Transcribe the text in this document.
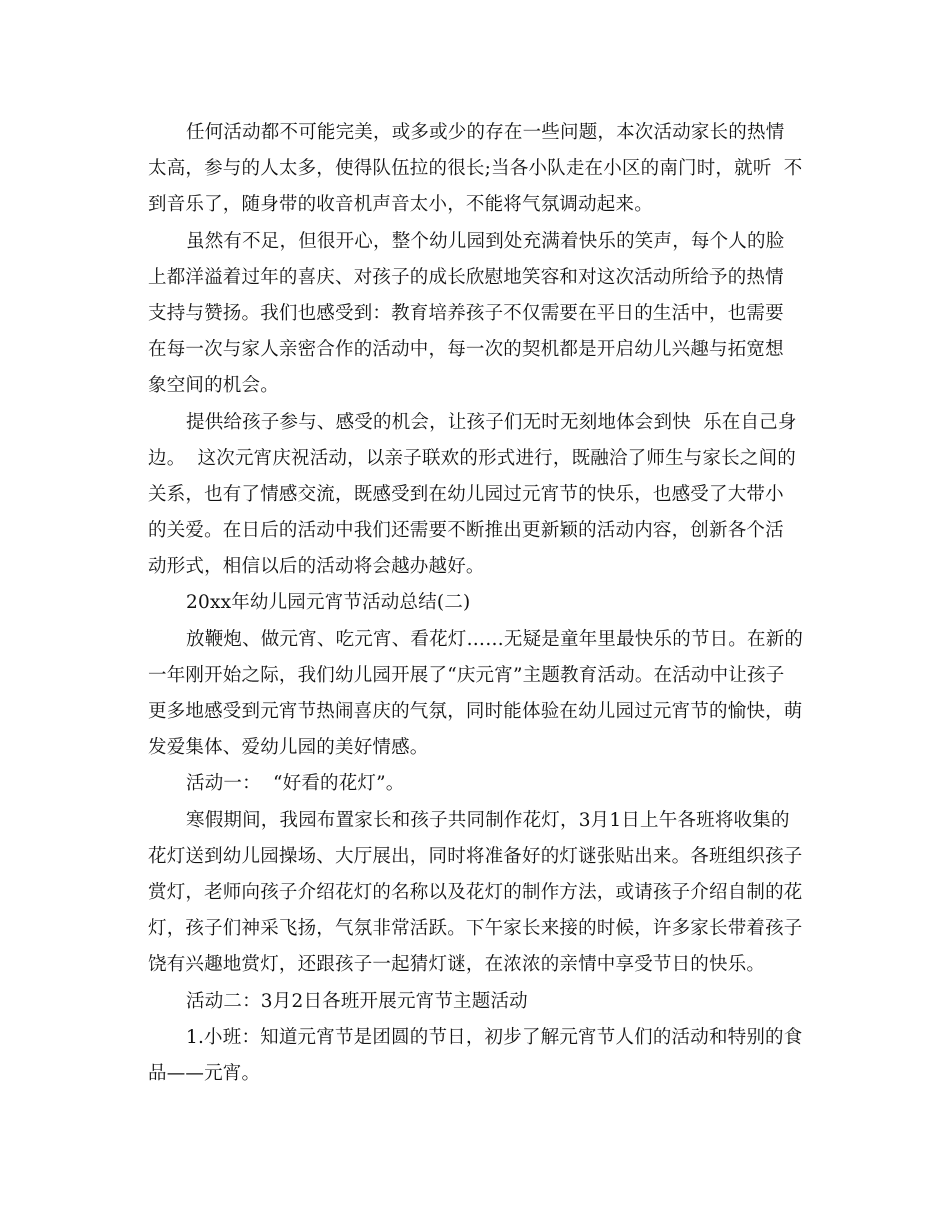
任何活动都不可能完美，或多或少的存在一些问题，本次活动家长的热情
太高，参与的人太多，使得队伍拉的很长;当各小队走在小区的南门时，就听  不
到音乐了，随身带的收音机声音太小，不能将气氛调动起来。
虽然有不足，但很开心，整个幼儿园到处充满着快乐的笑声，每个人的脸
上都洋溢着过年的喜庆、对孩子的成长欣慰地笑容和对这次活动所给予的热情
支持与赞扬。我们也感受到：教育培养孩子不仅需要在平日的生活中，也需要
在每一次与家人亲密合作的活动中，每一次的契机都是开启幼儿兴趣与拓宽想
象空间的机会。
提供给孩子参与、感受的机会，让孩子们无时无刻地体会到快  乐在自己身
边。  这次元宵庆祝活动，以亲子联欢的形式进行，既融洽了师生与家长之间的
关系，也有了情感交流，既感受到在幼儿园过元宵节的快乐，也感受了大带小
的关爱。在日后的活动中我们还需要不断推出更新颖的活动内容，创新各个活
动形式，相信以后的活动将会越办越好。
20xx年幼儿园元宵节活动总结(二)
放鞭炮、做元宵、吃元宵、看花灯……无疑是童年里最快乐的节日。在新的
一年刚开始之际，我们幼儿园开展了“庆元宵”主题教育活动。在活动中让孩子
更多地感受到元宵节热闹喜庆的气氛，同时能体验在幼儿园过元宵节的愉快，萌
发爱集体、爱幼儿园的美好情感。
活动一：  “好看的花灯”。
寒假期间，我园布置家长和孩子共同制作花灯，3月1日上午各班将收集的
花灯送到幼儿园操场、大厅展出，同时将准备好的灯谜张贴出来。各班组织孩子
赏灯，老师向孩子介绍花灯的名称以及花灯的制作方法，或请孩子介绍自制的花
灯，孩子们神采飞扬，气氛非常活跃。下午家长来接的时候，许多家长带着孩子
饶有兴趣地赏灯，还跟孩子一起猜灯谜，在浓浓的亲情中享受节日的快乐。
活动二：3月2日各班开展元宵节主题活动
1.小班：知道元宵节是团圆的节日，初步了解元宵节人们的活动和特别的食
品——元宵。
